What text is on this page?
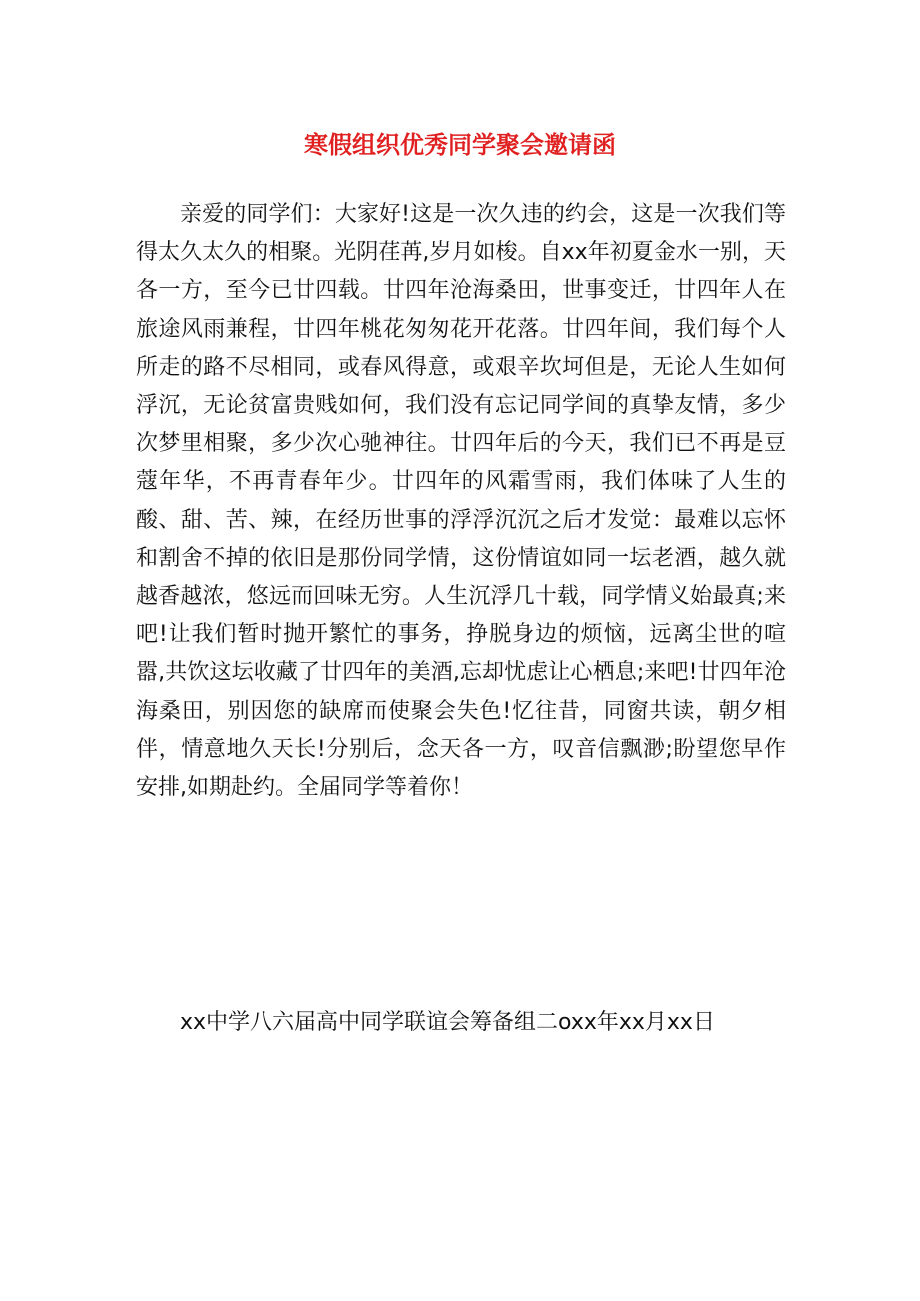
寒假组织优秀同学聚会邀请函

亲爱的同学们：大家好!这是一次久违的约会，这是一次我们等得太久太久的相聚。光阴荏苒,岁月如梭。自xx年初夏金水一别，天各一方，至今已廿四载。廿四年沧海桑田，世事变迁，廿四年人在旅途风雨兼程，廿四年桃花匆匆花开花落。廿四年间，我们每个人所走的路不尽相同，或春风得意，或艰辛坎坷但是，无论人生如何浮沉，无论贫富贵贱如何，我们没有忘记同学间的真挚友情，多少次梦里相聚，多少次心驰神往。廿四年后的今天，我们已不再是豆蔻年华，不再青春年少。廿四年的风霜雪雨，我们体味了人生的酸、甜、苦、辣，在经历世事的浮浮沉沉之后才发觉：最难以忘怀和割舍不掉的依旧是那份同学情，这份情谊如同一坛老酒，越久就越香越浓，悠远而回味无穷。人生沉浮几十载，同学情义始最真;来吧!让我们暂时抛开繁忙的事务，挣脱身边的烦恼，远离尘世的喧嚣,共饮这坛收藏了廿四年的美酒,忘却忧虑让心栖息;来吧!廿四年沧海桑田，别因您的缺席而使聚会失色!忆往昔，同窗共读，朝夕相伴，情意地久天长!分别后，念天各一方，叹音信飘渺;盼望您早作安排,如期赴约。全届同学等着你！

xx中学八六届高中同学联谊会筹备组二oxx年xx月xx日
